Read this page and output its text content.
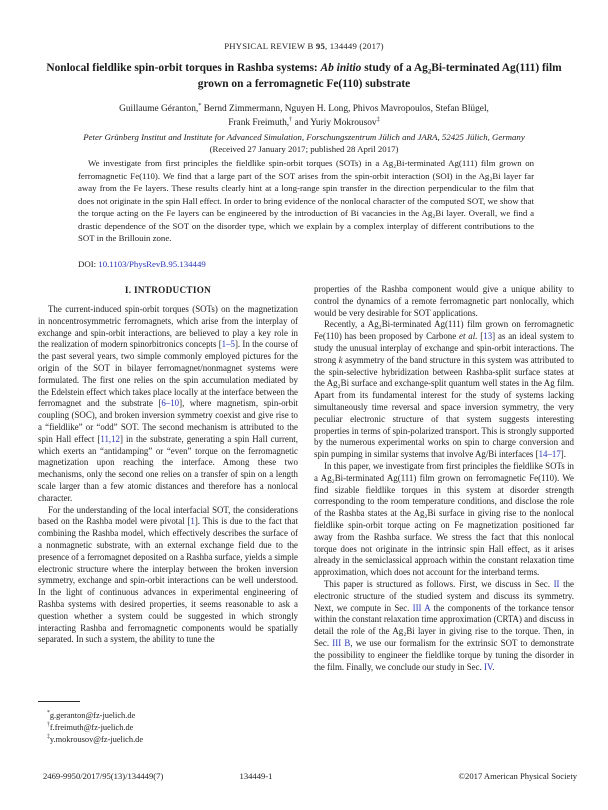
PHYSICAL REVIEW B 95, 134449 (2017)
Nonlocal fieldlike spin-orbit torques in Rashba systems: Ab initio study of a Ag₂Bi-terminated Ag(111) film grown on a ferromagnetic Fe(110) substrate
Guillaume Géranton,* Bernd Zimmermann, Nguyen H. Long, Phivos Mavropoulos, Stefan Blügel,
Frank Freimuth,† and Yuriy Mokrousov‡
Peter Grünberg Institut and Institute for Advanced Simulation, Forschungszentrum Jülich and JARA, 52425 Jülich, Germany
(Received 27 January 2017; published 28 April 2017)
We investigate from first principles the fieldlike spin-orbit torques (SOTs) in a Ag₂Bi-terminated Ag(111) film grown on ferromagnetic Fe(110). We find that a large part of the SOT arises from the spin-orbit interaction (SOI) in the Ag₂Bi layer far away from the Fe layers. These results clearly hint at a long-range spin transfer in the direction perpendicular to the film that does not originate in the spin Hall effect. In order to bring evidence of the nonlocal character of the computed SOT, we show that the torque acting on the Fe layers can be engineered by the introduction of Bi vacancies in the Ag₂Bi layer. Overall, we find a drastic dependence of the SOT on the disorder type, which we explain by a complex interplay of different contributions to the SOT in the Brillouin zone.
DOI: 10.1103/PhysRevB.95.134449
I. INTRODUCTION

The current-induced spin-orbit torques (SOTs) on the magnetization in noncentrosymmetric ferromagnets, which arise from the interplay of exchange and spin-orbit interactions, are believed to play a key role in the realization of modern spinorbitronics concepts [1–5]. In the course of the past several years, two simple commonly employed pictures for the origin of the SOT in bilayer ferromagnet/nonmagnet systems were formulated. The first one relies on the spin accumulation mediated by the Edelstein effect which takes place locally at the interface between the ferromagnet and the substrate [6–10], where magnetism, spin-orbit coupling (SOC), and broken inversion symmetry coexist and give rise to a “fieldlike” or “odd” SOT. The second mechanism is attributed to the spin Hall effect [11,12] in the substrate, generating a spin Hall current, which exerts an “antidamping” or “even” torque on the ferromagnetic magnetization upon reaching the interface. Among these two mechanisms, only the second one relies on a transfer of spin on a length scale larger than a few atomic distances and therefore has a nonlocal character.

For the understanding of the local interfacial SOT, the considerations based on the Rashba model were pivotal [1]. This is due to the fact that combining the Rashba model, which effectively describes the surface of a nonmagnetic substrate, with an external exchange field due to the presence of a ferromagnet deposited on a Rashba surface, yields a simple electronic structure where the interplay between the broken inversion symmetry, exchange and spin-orbit interactions can be well understood. In the light of continuous advances in experimental engineering of Rashba systems with desired properties, it seems reasonable to ask a question whether a system could be suggested in which strongly interacting Rashba and ferromagnetic components would be spatially separated. In such a system, the ability to tune the

properties of the Rashba component would give a unique ability to control the dynamics of a remote ferromagnetic part nonlocally, which would be very desirable for SOT applications.

Recently, a Ag₂Bi-terminated Ag(111) film grown on ferromagnetic Fe(110) has been proposed by Carbone et al. [13] as an ideal system to study the unusual interplay of exchange and spin-orbit interactions. The strong k asymmetry of the band structure in this system was attributed to the spin-selective hybridization between Rashba-split surface states at the Ag₂Bi surface and exchange-split quantum well states in the Ag film. Apart from its fundamental interest for the study of systems lacking simultaneously time reversal and space inversion symmetry, the very peculiar electronic structure of that system suggests interesting properties in terms of spin-polarized transport. This is strongly supported by the numerous experimental works on spin to charge conversion and spin pumping in similar systems that involve Ag/Bi interfaces [14–17].

In this paper, we investigate from first principles the fieldlike SOTs in a Ag₂Bi-terminated Ag(111) film grown on ferromagnetic Fe(110). We find sizable fieldlike torques in this system at disorder strength corresponding to the room temperature conditions, and disclose the role of the Rashba states at the Ag₂Bi surface in giving rise to the nonlocal fieldlike spin-orbit torque acting on Fe magnetization positioned far away from the Rashba surface. We stress the fact that this nonlocal torque does not originate in the intrinsic spin Hall effect, as it arises already in the semiclassical approach within the constant relaxation time approximation, which does not account for the interband terms.

This paper is structured as follows. First, we discuss in Sec. II the electronic structure of the studied system and discuss its symmetry. Next, we compute in Sec. III A the components of the torkance tensor within the constant relaxation time approximation (CRTA) and discuss in detail the role of the Ag₂Bi layer in giving rise to the torque. Then, in Sec. III B, we use our formalism for the extrinsic SOT to demonstrate the possibility to engineer the fieldlike torque by tuning the disorder in the film. Finally, we conclude our study in Sec. IV.

*g.geranton@fz-juelich.de
†f.freimuth@fz-juelich.de
‡y.mokrousov@fz-juelich.de
2469-9950/2017/95(13)/134449(7)	134449-1	©2017 American Physical Society
